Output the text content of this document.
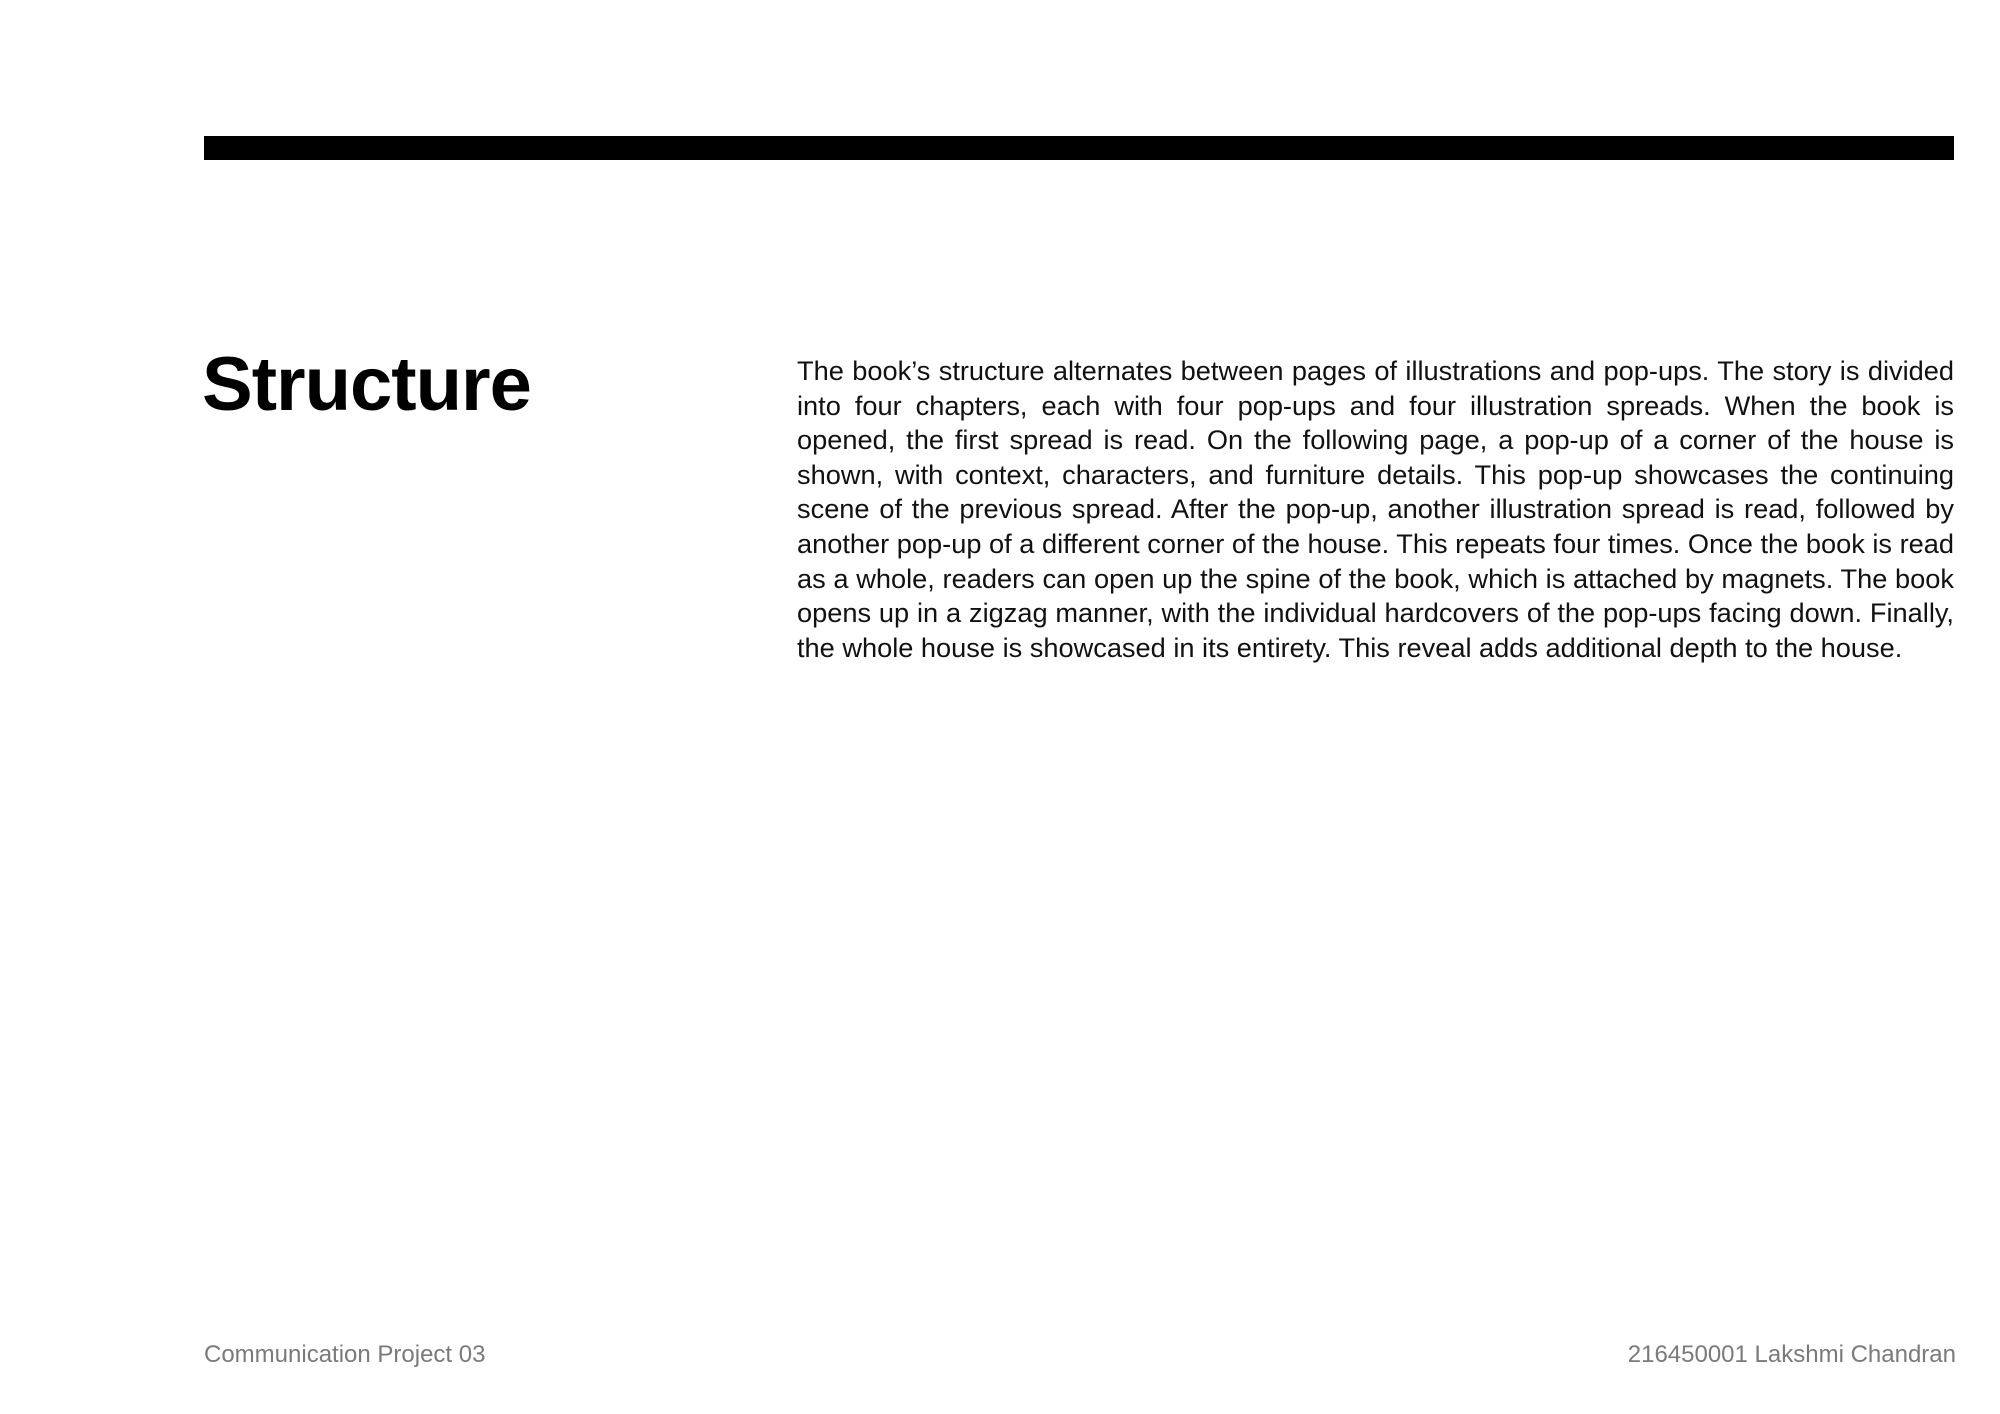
Structure	The book’s structure alternates between pages of illustrations and pop-ups. The story is divided into four chapters, each with four pop-ups and four illustration spreads. When the book is opened, the first spread is read. On the following page, a pop-up of a corner of the house is shown, with context, characters, and furniture details. This pop-up showcases the continuing scene of the previous spread. After the pop-up, another illustration spread is read, followed by another pop-up of a different corner of the house. This repeats four times. Once the book is read as a whole, readers can open up the spine of the book, which is attached by magnets. The book opens up in a zigzag manner, with the individual hardcovers of the pop-ups facing down. Finally, the whole house is showcased in its entirety. This reveal adds additional depth to the house.

Communication Project 03	216450001 Lakshmi Chandran
